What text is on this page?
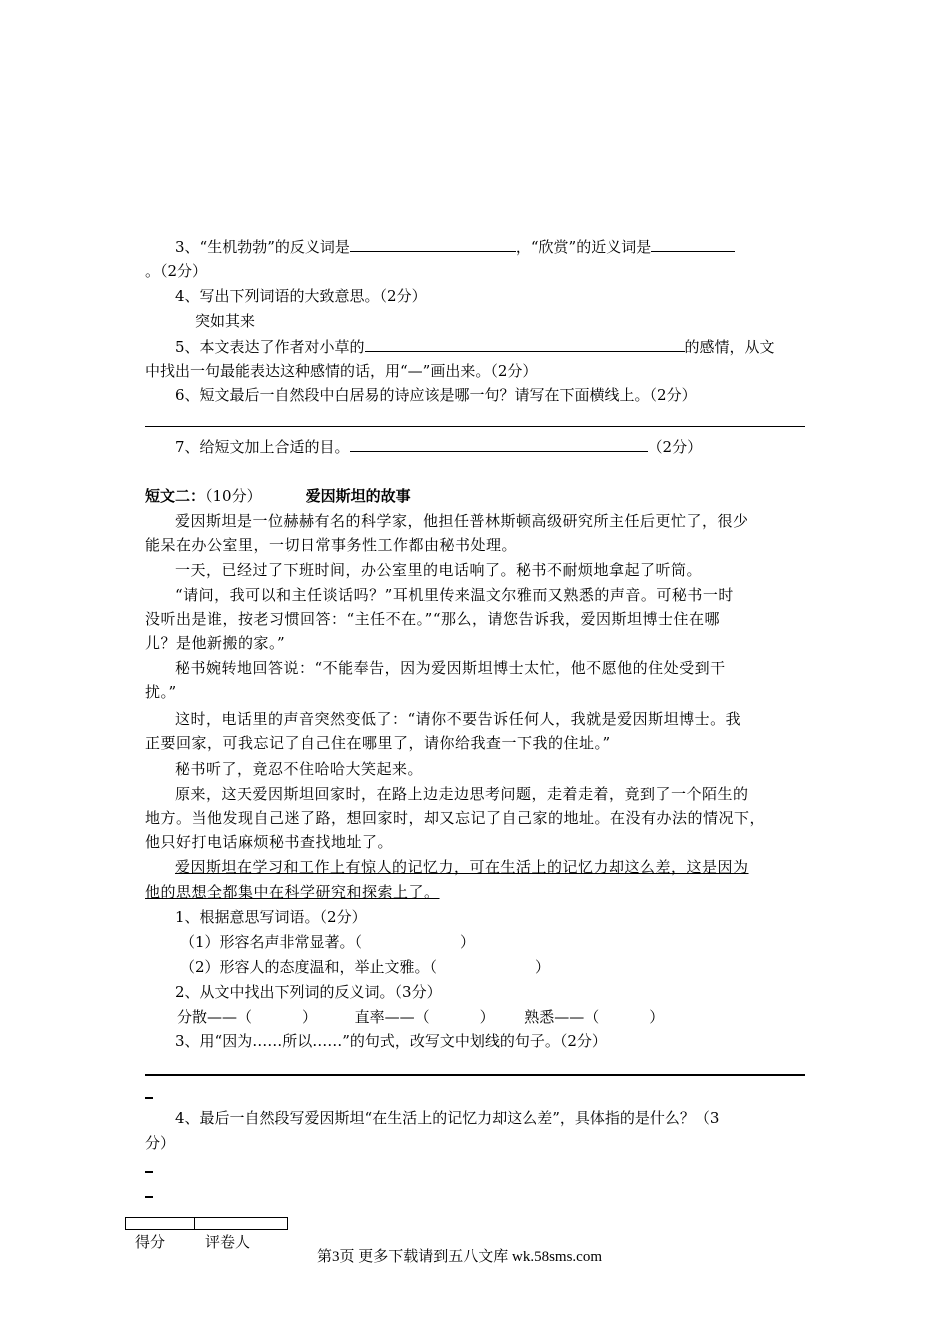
3、“生机勃勃”的反义词是	，“欣赏”的近义词是
。（2分）
4、写出下列词语的大致意思。（2分）
突如其来
5、本文表达了作者对小草的	的感情，从文
中找出一句最能表达这种感情的话，用“—”画出来。（2分）
6、短文最后一自然段中白居易的诗应该是哪一句？请写在下面横线上。（2分）
7、给短文加上合适的目。	（2分）
短文二：（10分）	爱因斯坦的故事
爱因斯坦是一位赫赫有名的科学家，他担任普林斯顿高级研究所主任后更忙了，很少
能呆在办公室里，一切日常事务性工作都由秘书处理。
一天，已经过了下班时间，办公室里的电话响了。秘书不耐烦地拿起了听筒。
“请问，我可以和主任谈话吗？”耳机里传来温文尔雅而又熟悉的声音。可秘书一时
没听出是谁，按老习惯回答：“主任不在。”“那么，请您告诉我，爱因斯坦博士住在哪
儿？是他新搬的家。”
秘书婉转地回答说：“不能奉告，因为爱因斯坦博士太忙，他不愿他的住处受到干
扰。”
这时，电话里的声音突然变低了：“请你不要告诉任何人，我就是爱因斯坦博士。我
正要回家，可我忘记了自己住在哪里了，请你给我查一下我的住址。”
秘书听了，竟忍不住哈哈大笑起来。
原来，这天爱因斯坦回家时，在路上边走边思考问题，走着走着，竟到了一个陌生的
地方。当他发现自己迷了路，想回家时，却又忘记了自己家的地址。在没有办法的情况下，
他只好打电话麻烦秘书查找地址了。
爱因斯坦在学习和工作上有惊人的记忆力，可在生活上的记忆力却这么差，这是因为
他的思想全都集中在科学研究和探索上了。
1、根据意思写词语。（2分）
（1）形容名声非常显著。（	）
（2）形容人的态度温和，举止文雅。（	）
2、从文中找出下列词的反义词。（3分）
分散——（	）	直率——（	） 熟悉——（	）
3、用“因为……所以……”的句式，改写文中划线的句子。（2分）
4、最后一自然段写爱因斯坦“在生活上的记忆力却这么差”，具体指的是什么？（3
分）
得分	评卷人
第3页 更多下载请到五八文库 wk.58sms.com
